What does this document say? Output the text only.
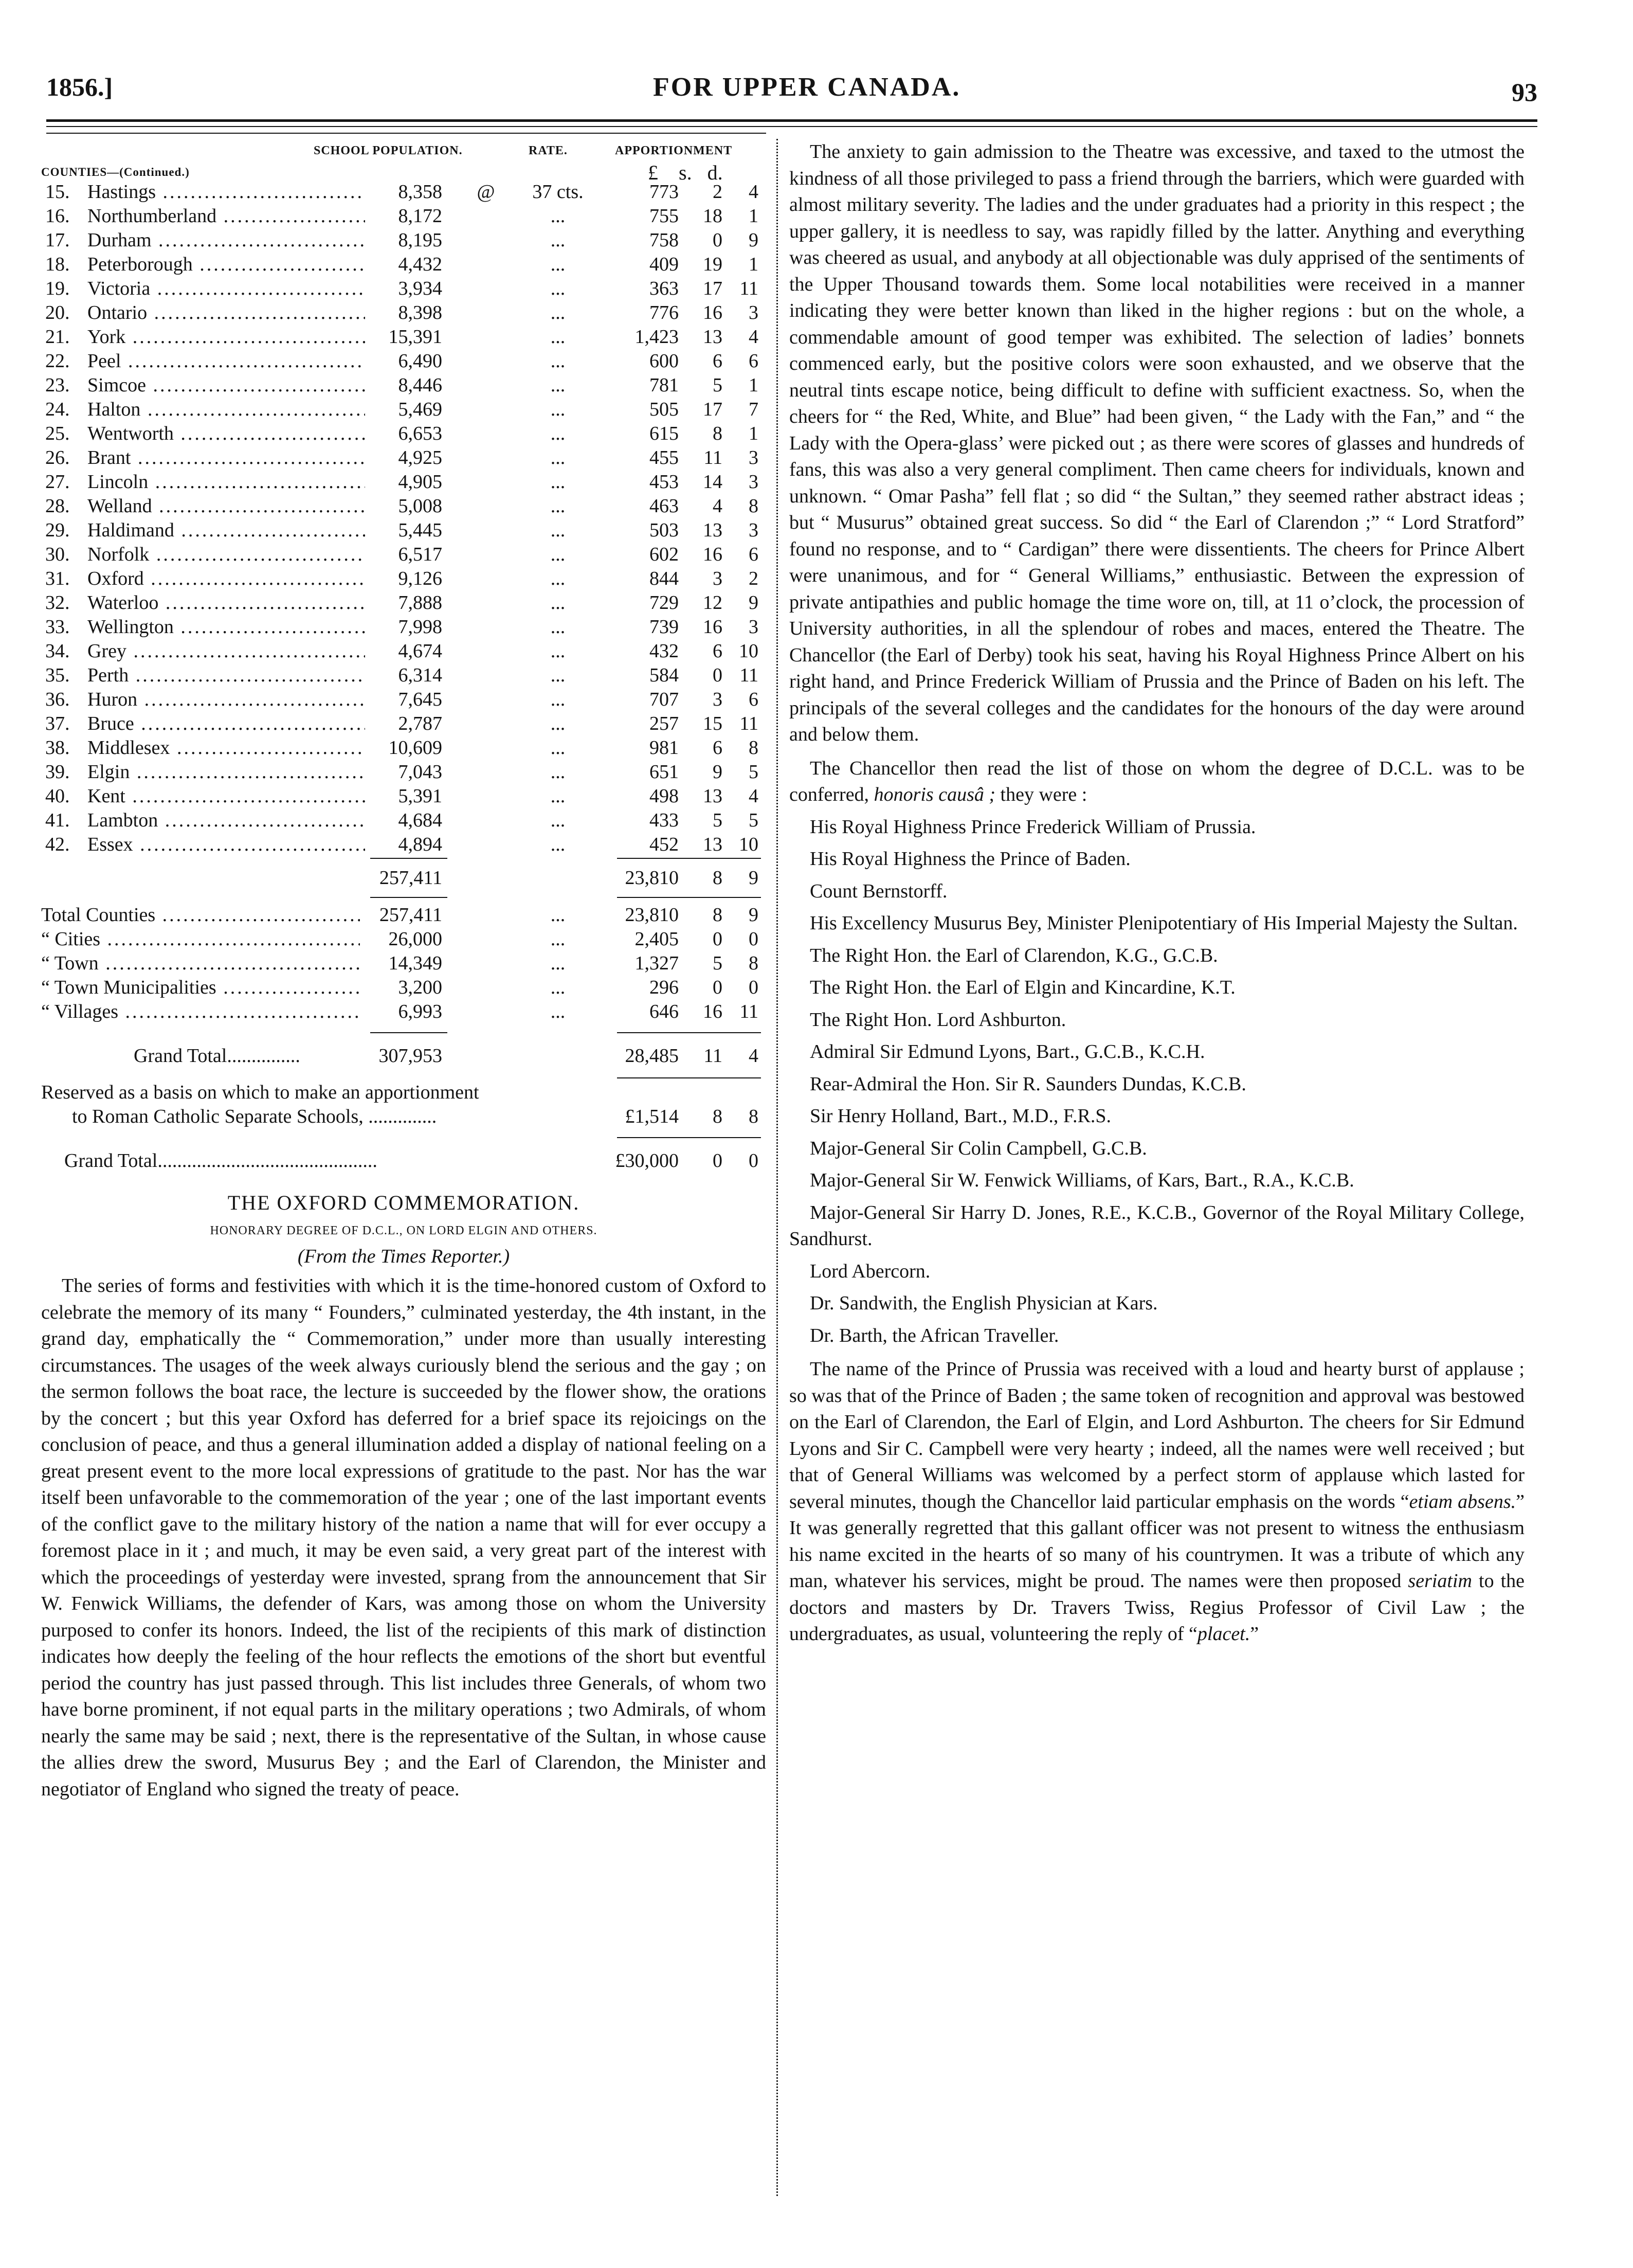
1856.]	FOR UPPER CANADA.	93
SCHOOL POPULATION.	RATE.	APPORTIONMENT
COUNTIES—(Continued.)	£    s.   d.
15. Hastings .....	8,358	@	37 cts.	773	2	4
16. Northumberland .....	8,172	...	755	18	1
17. Durham .....	8,195	...	758	0	9
18. Peterborough .....	4,432	...	409	19	1
19. Victoria .....	3,934	...	363	17 11
20. Ontario .....	8,398	...	776	16	3
21. York .....	15,391	...	1,423	13	4
22. Peel .....	6,490	...	600	6	6
23. Simcoe .....	8,446	...	781	5	1
24. Halton .....	5,469	...	505	17	7
25. Wentworth .....	6,653	...	615	8	1
26. Brant .....	4,925	...	455	11	3
27. Lincoln .....	4,905	...	453	14	3
28. Welland .....	5,008	...	463	4	8
29. Haldimand .....	5,445	...	503	13	3
30. Norfolk .....	6,517	...	602	16	6
31. Oxford .....	9,126	...	844	3	2
32. Waterloo .....	7,888	...	729	12	9
33. Wellington .....	7,998	...	739	16	3
34. Grey .....	4,674	...	432	6 10
35. Perth .....	6,314	...	584	0 11
36. Huron .....	7,645	...	707	3	6
37. Bruce .....	2,787	...	257	15 11
38. Middlesex .....	10,609	...	981	6	8
39. Elgin .....	7,043	...	651	9	5
40. Kent .....	5,391	...	498	13	4
41. Lambton .....	4,684	...	433	5	5
42. Essex .....	4,894	...	452	13 10
257,411	23,810	8	9
Total Counties .....	257,411	...	23,810	8	9
“ Cities .....	26,000	...	2,405	0	0
“ Town .....	14,349	...	1,327	5	8
“ Town Municipalities .....	3,200	...	296	0	0
“ Villages .....	6,993	...	646	16 11
Grand Total...............	307,953	28,485	11	4
Reserved as a basis on which to make an apportionment
to Roman Catholic Separate Schools, ..............	£1,514	8	8
Grand Total.............................................	£30,000	0	0
THE OXFORD COMMEMORATION.
HONORARY DEGREE OF D.C.L., ON LORD ELGIN AND OTHERS.
(From the Times Reporter.)

The series of forms and festivities with which it is the time-honored custom of Oxford to celebrate the memory of its many “ Founders,” culminated yesterday, the 4th instant, in the grand day, emphatically the “ Commemoration,” under more than usually interesting circumstances. The usages of the week always curiously blend the serious and the gay ; on the sermon follows the boat race, the lecture is succeeded by the flower show, the orations by the concert ; but this year Oxford has deferred for a brief space its rejoicings on the conclusion of peace, and thus a general illumination added a display of national feeling on a great present event to the more local expressions of gratitude to the past. Nor has the war itself been unfavorable to the commemoration of the year ; one of the last important events of the conflict gave to the military history of the nation a name that will for ever occupy a foremost place in it ; and much, it may be even said, a very great part of the interest with which the proceedings of yesterday were invested, sprang from the announcement that Sir W. Fenwick Williams, the defender of Kars, was among those on whom the University purposed to confer its honors. Indeed, the list of the recipients of this mark of distinction indicates how deeply the feeling of the hour reflects the emotions of the short but eventful period the country has just passed through. This list includes three Generals, of whom two have borne prominent, if not equal parts in the military operations ; two Admirals, of whom nearly the same may be said ; next, there is the representative of the Sultan, in whose cause the allies drew the sword, Musurus Bey ; and the Earl of Clarendon, the Minister and negotiator of England who signed the treaty of peace.

The anxiety to gain admission to the Theatre was excessive, and taxed to the utmost the kindness of all those privileged to pass a friend through the barriers, which were guarded with almost military severity. The ladies and the under graduates had a priority in this respect ; the upper gallery, it is needless to say, was rapidly filled by the latter. Anything and everything was cheered as usual, and anybody at all objectionable was duly apprised of the sentiments of the Upper Thousand towards them. Some local notabilities were received in a manner indicating they were better known than liked in the higher regions : but on the whole, a commendable amount of good temper was exhibited. The selection of ladies’ bonnets commenced early, but the positive colors were soon exhausted, and we observe that the neutral tints escape notice, being difficult to define with sufficient exactness. So, when the cheers for “ the Red, White, and Blue” had been given, “ the Lady with the Fan,” and “ the Lady with the Opera-glass’ were picked out ; as there were scores of glasses and hundreds of fans, this was also a very general compliment. Then came cheers for individuals, known and unknown. “ Omar Pasha” fell flat ; so did “ the Sultan,” they seemed rather abstract ideas ; but “ Musurus” obtained great success. So did “ the Earl of Clarendon ;” “ Lord Stratford” found no response, and to “ Cardigan” there were dissentients. The cheers for Prince Albert were unanimous, and for “ General Williams,” enthusiastic. Between the expression of private antipathies and public homage the time wore on, till, at 11 o’clock, the procession of University authorities, in all the splendour of robes and maces, entered the Theatre. The Chancellor (the Earl of Derby) took his seat, having his Royal Highness Prince Albert on his right hand, and Prince Frederick William of Prussia and the Prince of Baden on his left. The principals of the several colleges and the candidates for the honours of the day were around and below them.

The Chancellor then read the list of those on whom the degree of D.C.L. was to be conferred, honoris causâ ; they were :

His Royal Highness Prince Frederick William of Prussia.

His Royal Highness the Prince of Baden.

Count Bernstorff.

His Excellency Musurus Bey, Minister Plenipotentiary of His Imperial Majesty the Sultan.

The Right Hon. the Earl of Clarendon, K.G., G.C.B.

The Right Hon. the Earl of Elgin and Kincardine, K.T.

The Right Hon. Lord Ashburton.

Admiral Sir Edmund Lyons, Bart., G.C.B., K.C.H.

Rear-Admiral the Hon. Sir R. Saunders Dundas, K.C.B.

Sir Henry Holland, Bart., M.D., F.R.S.

Major-General Sir Colin Campbell, G.C.B.

Major-General Sir W. Fenwick Williams, of Kars, Bart., R.A., K.C.B.

Major-General Sir Harry D. Jones, R.E., K.C.B., Governor of the Royal Military College, Sandhurst.

Lord Abercorn.

Dr. Sandwith, the English Physician at Kars.

Dr. Barth, the African Traveller.

The name of the Prince of Prussia was received with a loud and hearty burst of applause ; so was that of the Prince of Baden ; the same token of recognition and approval was bestowed on the Earl of Clarendon, the Earl of Elgin, and Lord Ashburton. The cheers for Sir Edmund Lyons and Sir C. Campbell were very hearty ; indeed, all the names were well received ; but that of General Williams was welcomed by a perfect storm of applause which lasted for several minutes, though the Chancellor laid particular emphasis on the words “etiam absens.” It was generally regretted that this gallant officer was not present to witness the enthusiasm his name excited in the hearts of so many of his countrymen. It was a tribute of which any man, whatever his services, might be proud. The names were then proposed seriatim to the doctors and masters by Dr. Travers Twiss, Regius Professor of Civil Law ; the undergraduates, as usual, volunteering the reply of “placet.”
